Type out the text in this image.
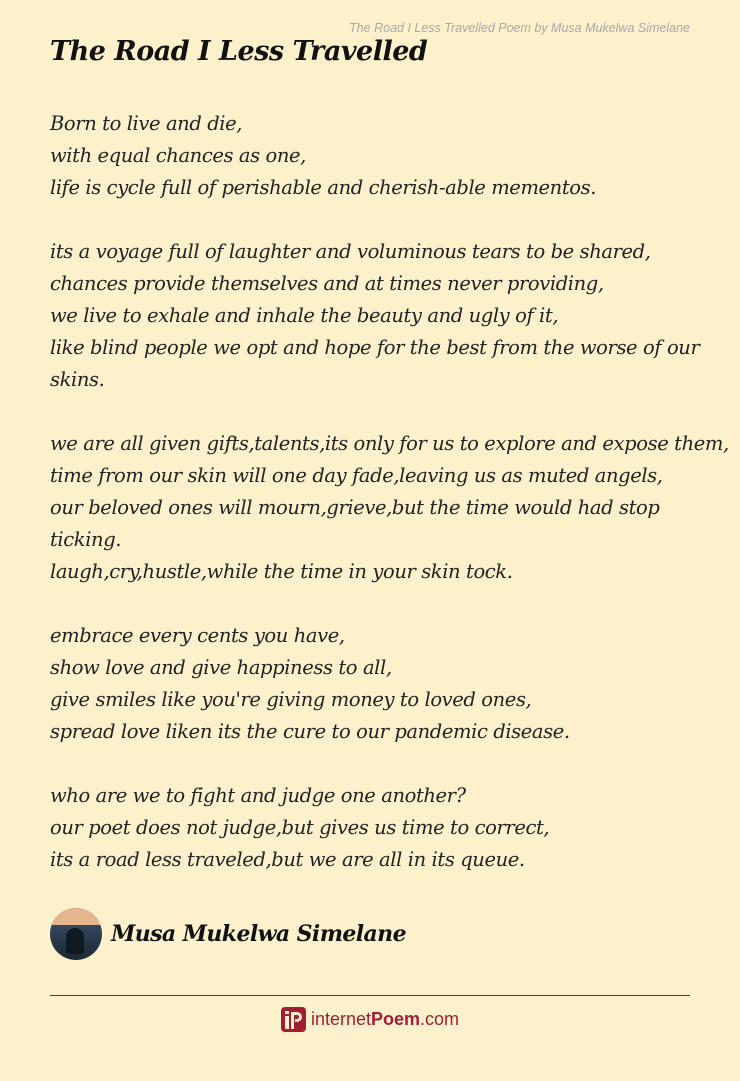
The Road I Less Travelled Poem by Musa Mukelwa Simelane
The Road I Less Travelled
Born to live and die,
with equal chances as one,
life is cycle full of perishable and cherish-able mementos.
its a voyage full of laughter and voluminous tears to be shared,
chances provide themselves and at times never providing,
we live to exhale and inhale the beauty and ugly of it,
like blind people we opt and hope for the best from the worse of our
skins.
we are all given gifts,talents,its only for us to explore and expose them,
time from our skin will one day fade,leaving us as muted angels,
our beloved ones will mourn,grieve,but the time would had stop
ticking.
laugh,cry,hustle,while the time in your skin tock.
embrace every cents you have,
show love and give happiness to all,
give smiles like you're giving money to loved ones,
spread love liken its the cure to our pandemic disease.
who are we to fight and judge one another?
our poet does not judge,but gives us time to correct,
its a road less traveled,but we are all in its queue.
Musa Mukelwa Simelane
internet Poem .com
